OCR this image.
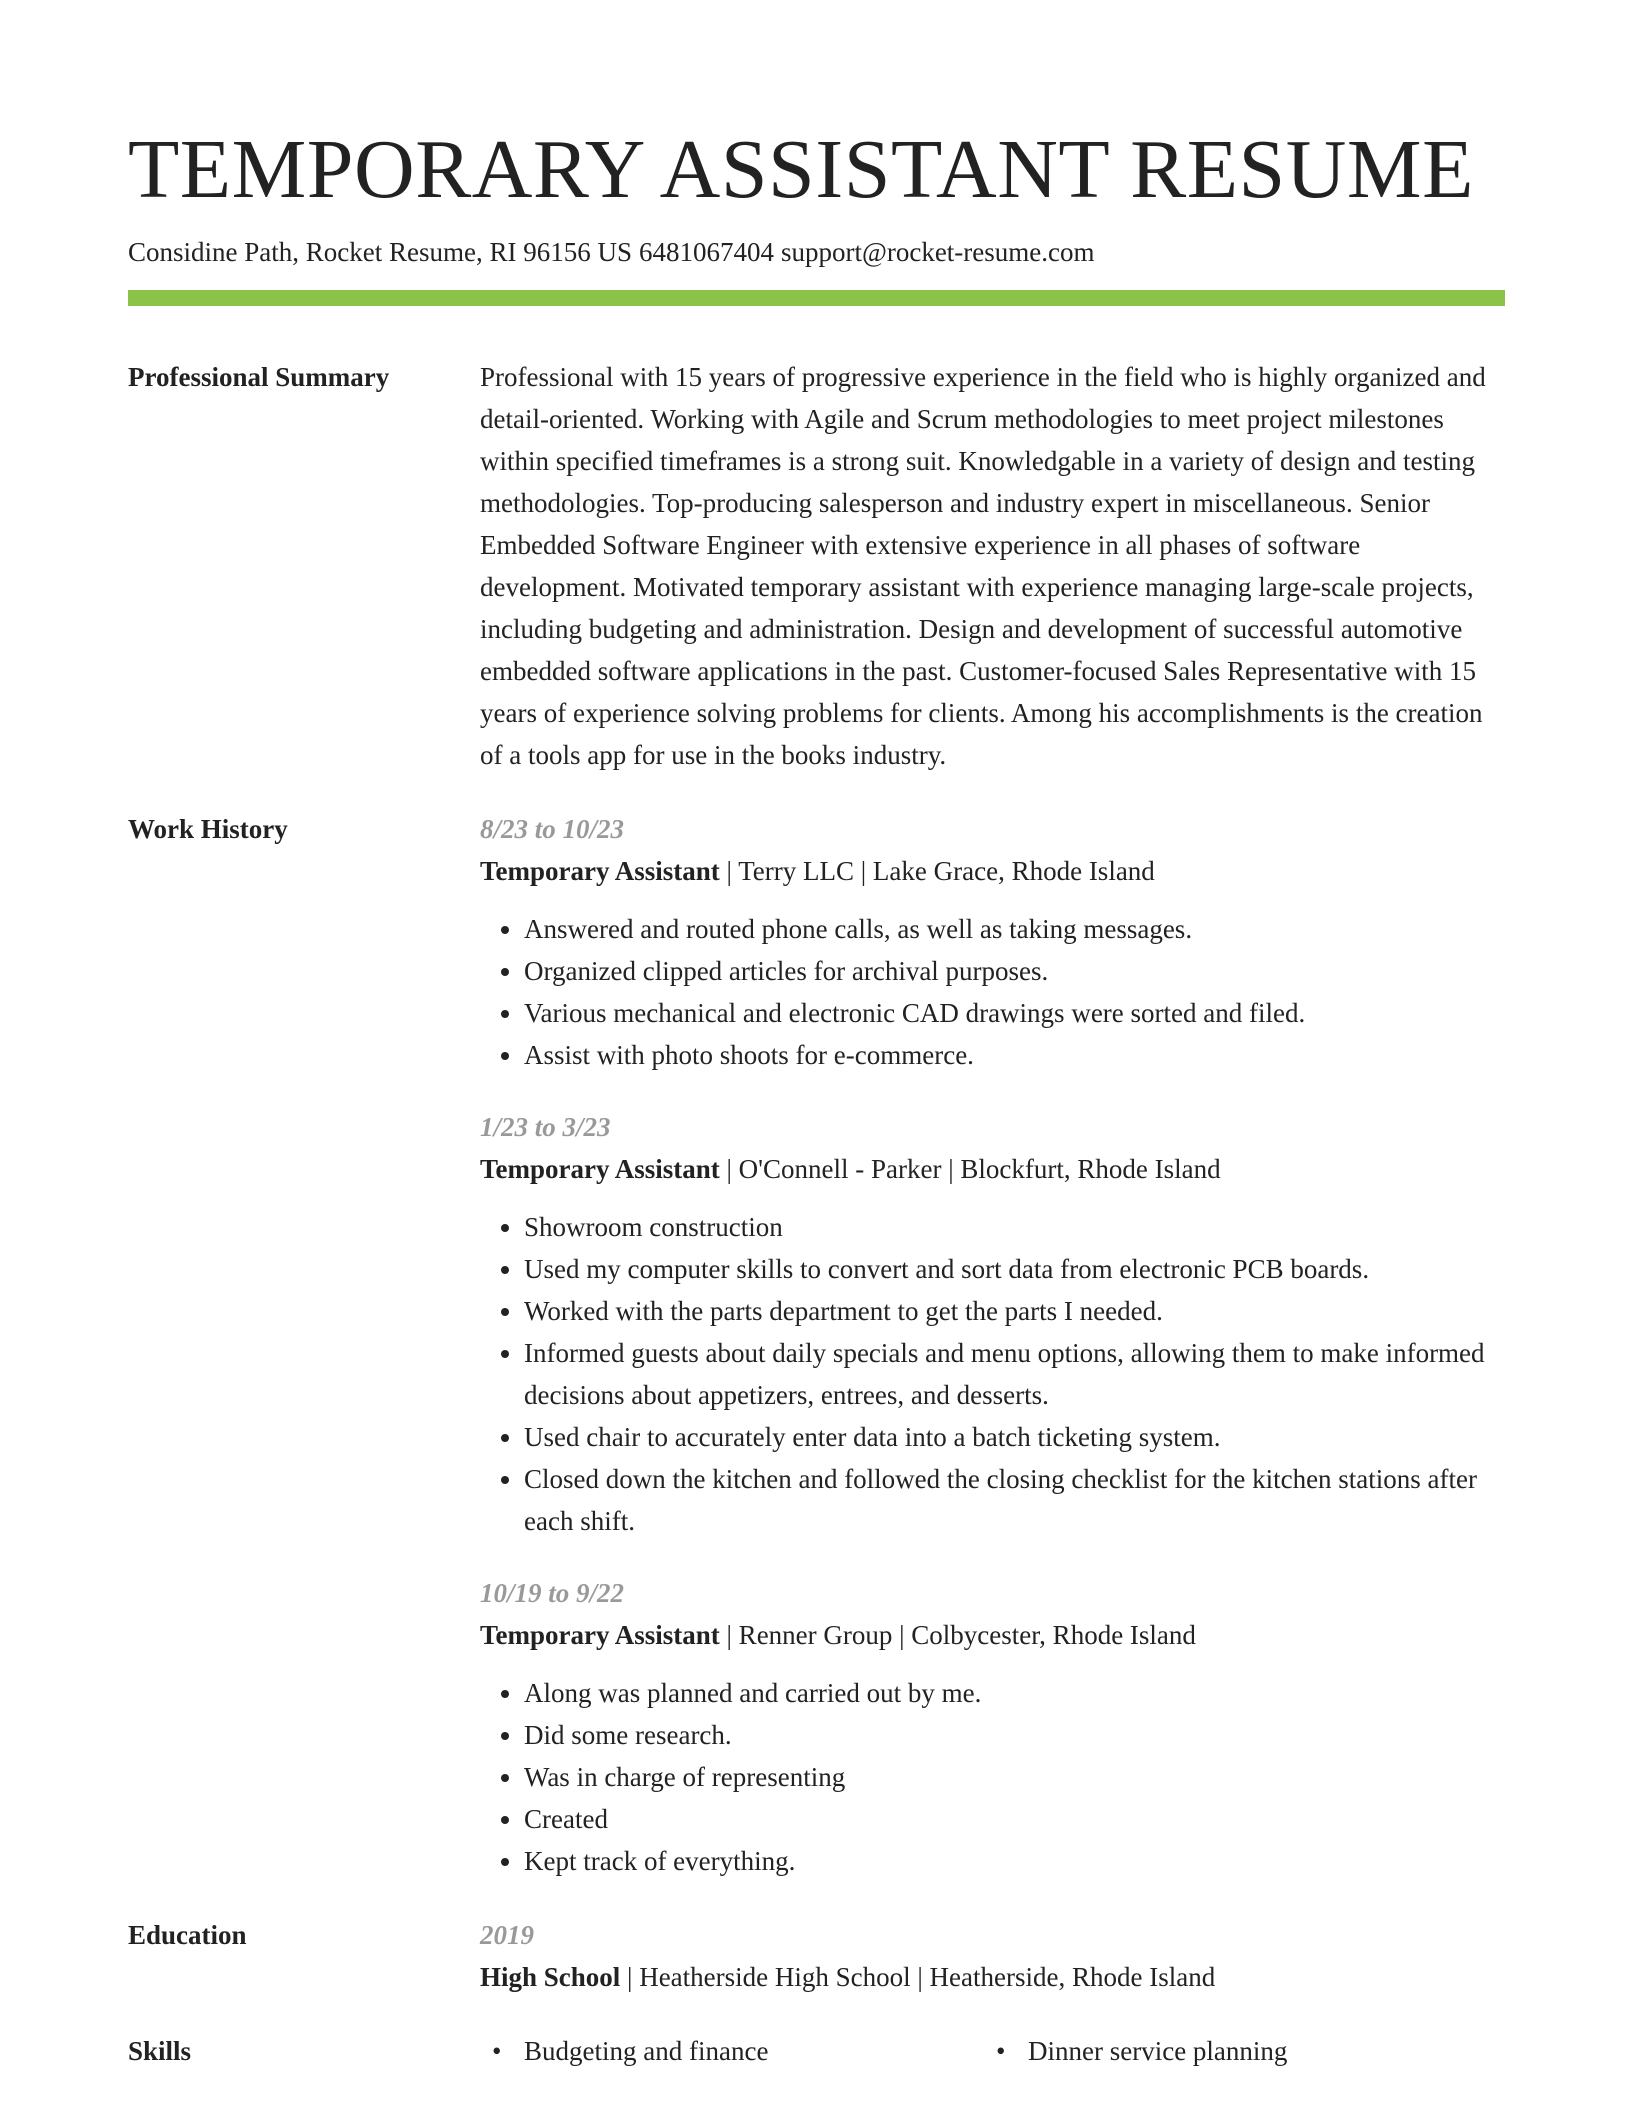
TEMPORARY ASSISTANT RESUME
Considine Path, Rocket Resume, RI 96156 US 6481067404 support@rocket-resume.com
Professional Summary	Professional with 15 years of progressive experience in the field who is highly organized and detail-oriented. Working with Agile and Scrum methodologies to meet project milestones within specified timeframes is a strong suit. Knowledgable in a variety of design and testing methodologies. Top-producing salesperson and industry expert in miscellaneous. Senior Embedded Software Engineer with extensive experience in all phases of software development. Motivated temporary assistant with experience managing large-scale projects, including budgeting and administration. Design and development of successful automotive embedded software applications in the past. Customer-focused Sales Representative with 15 years of experience solving problems for clients. Among his accomplishments is the creation of a tools app for use in the books industry.

Work History	8/23 to 10/23
Temporary Assistant | Terry LLC | Lake Grace, Rhode Island
• Answered and routed phone calls, as well as taking messages.
• Organized clipped articles for archival purposes.
• Various mechanical and electronic CAD drawings were sorted and filed.
• Assist with photo shoots for e-commerce.
1/23 to 3/23
Temporary Assistant | O'Connell - Parker | Blockfurt, Rhode Island
• Showroom construction
• Used my computer skills to convert and sort data from electronic PCB boards.
• Worked with the parts department to get the parts I needed.
• Informed guests about daily specials and menu options, allowing them to make informed decisions about appetizers, entrees, and desserts.
• Used chair to accurately enter data into a batch ticketing system.
• Closed down the kitchen and followed the closing checklist for the kitchen stations after each shift.
10/19 to 9/22
Temporary Assistant | Renner Group | Colbycester, Rhode Island
• Along was planned and carried out by me.
• Did some research.
• Was in charge of representing
• Created
• Kept track of everything.
Education	2019
High School | Heatherside High School | Heatherside, Rhode Island
Skills	• Budgeting and finance	• Dinner service planning
